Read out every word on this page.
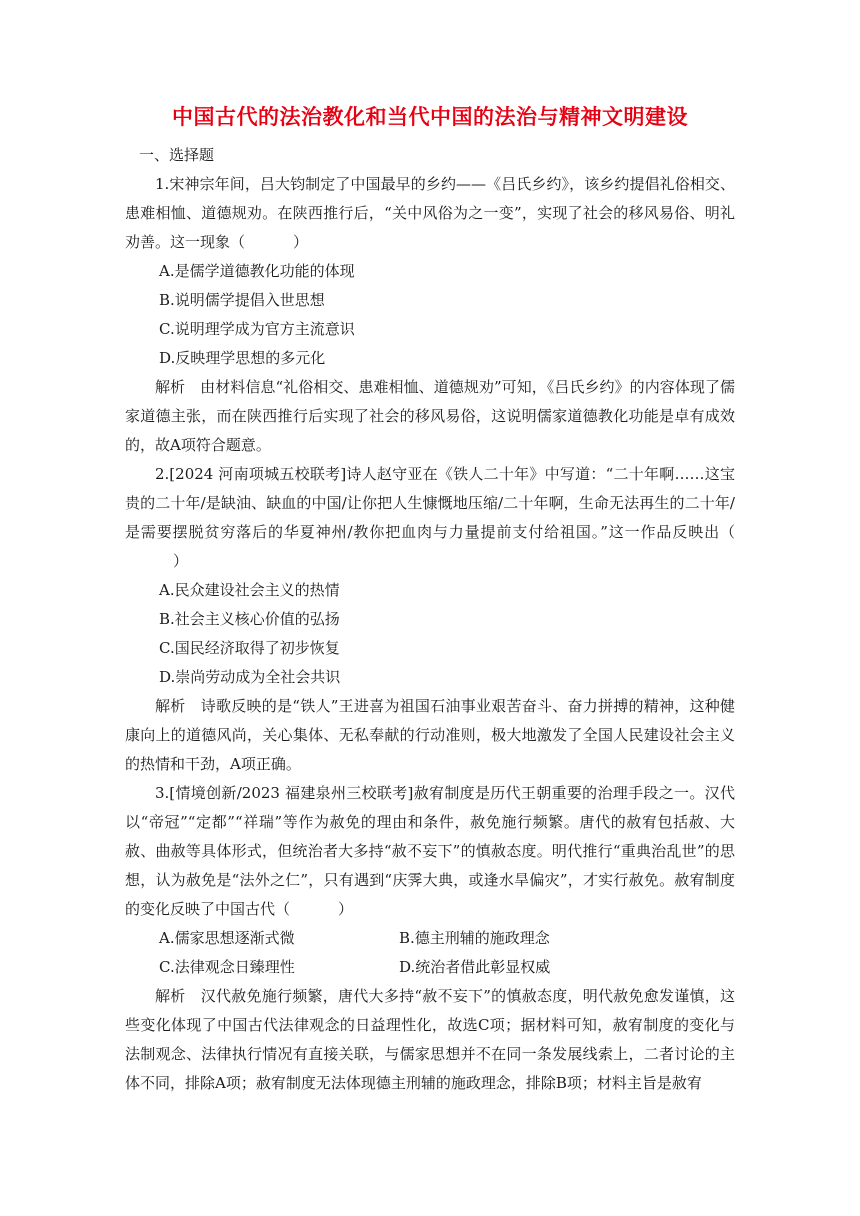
中国古代的法治教化和当代中国的法治与精神文明建设

一、选择题

1.宋神宗年间，吕大钧制定了中国最早的乡约——《吕氏乡约》，该乡约提倡礼俗相交、患难相恤、道德规劝。在陕西推行后，“关中风俗为之一变”，实现了社会的移风易俗、明礼劝善。这一现象（	）

A.是儒学道德教化功能的体现

B.说明儒学提倡入世思想

C.说明理学成为官方主流意识

D.反映理学思想的多元化

解析　由材料信息“礼俗相交、患难相恤、道德规劝”可知，《吕氏乡约》的内容体现了儒家道德主张，而在陕西推行后实现了社会的移风易俗，这说明儒家道德教化功能是卓有成效的，故A项符合题意。

2.[2024 河南项城五校联考]诗人赵守亚在《铁人二十年》中写道：“二十年啊……这宝贵的二十年/是缺油、缺血的中国/让你把人生慷慨地压缩/二十年啊，生命无法再生的二十年/是需要摆脱贫穷落后的华夏神州/教你把血肉与力量提前支付给祖国。”这一作品反映出（）

A.民众建设社会主义的热情

B.社会主义核心价值的弘扬

C.国民经济取得了初步恢复

D.崇尚劳动成为全社会共识

解析　诗歌反映的是“铁人”王进喜为祖国石油事业艰苦奋斗、奋力拼搏的精神，这种健康向上的道德风尚，关心集体、无私奉献的行动准则，极大地激发了全国人民建设社会主义的热情和干劲，A项正确。

3.[情境创新/2023 福建泉州三校联考]赦宥制度是历代王朝重要的治理手段之一。汉代以“帝冠”“定都”“祥瑞”等作为赦免的理由和条件，赦免施行频繁。唐代的赦宥包括赦、大赦、曲赦等具体形式，但统治者大多持“赦不妄下”的慎赦态度。明代推行“重典治乱世”的思想，认为赦免是“法外之仁”，只有遇到“庆霁大典，或逢水旱偏灾”，才实行赦免。赦宥制度的变化反映了中国古代（	）

A.儒家思想逐渐式微	B.德主刑辅的施政理念
C.法律观念日臻理性	D.统治者借此彰显权威

解析　汉代赦免施行频繁，唐代大多持“赦不妄下”的慎赦态度，明代赦免愈发谨慎，这些变化体现了中国古代法律观念的日益理性化，故选C项；据材料可知，赦宥制度的变化与法制观念、法律执行情况有直接关联，与儒家思想并不在同一条发展线索上，二者讨论的主体不同，排除A项；赦宥制度无法体现德主刑辅的施政理念，排除B项；材料主旨是赦宥
